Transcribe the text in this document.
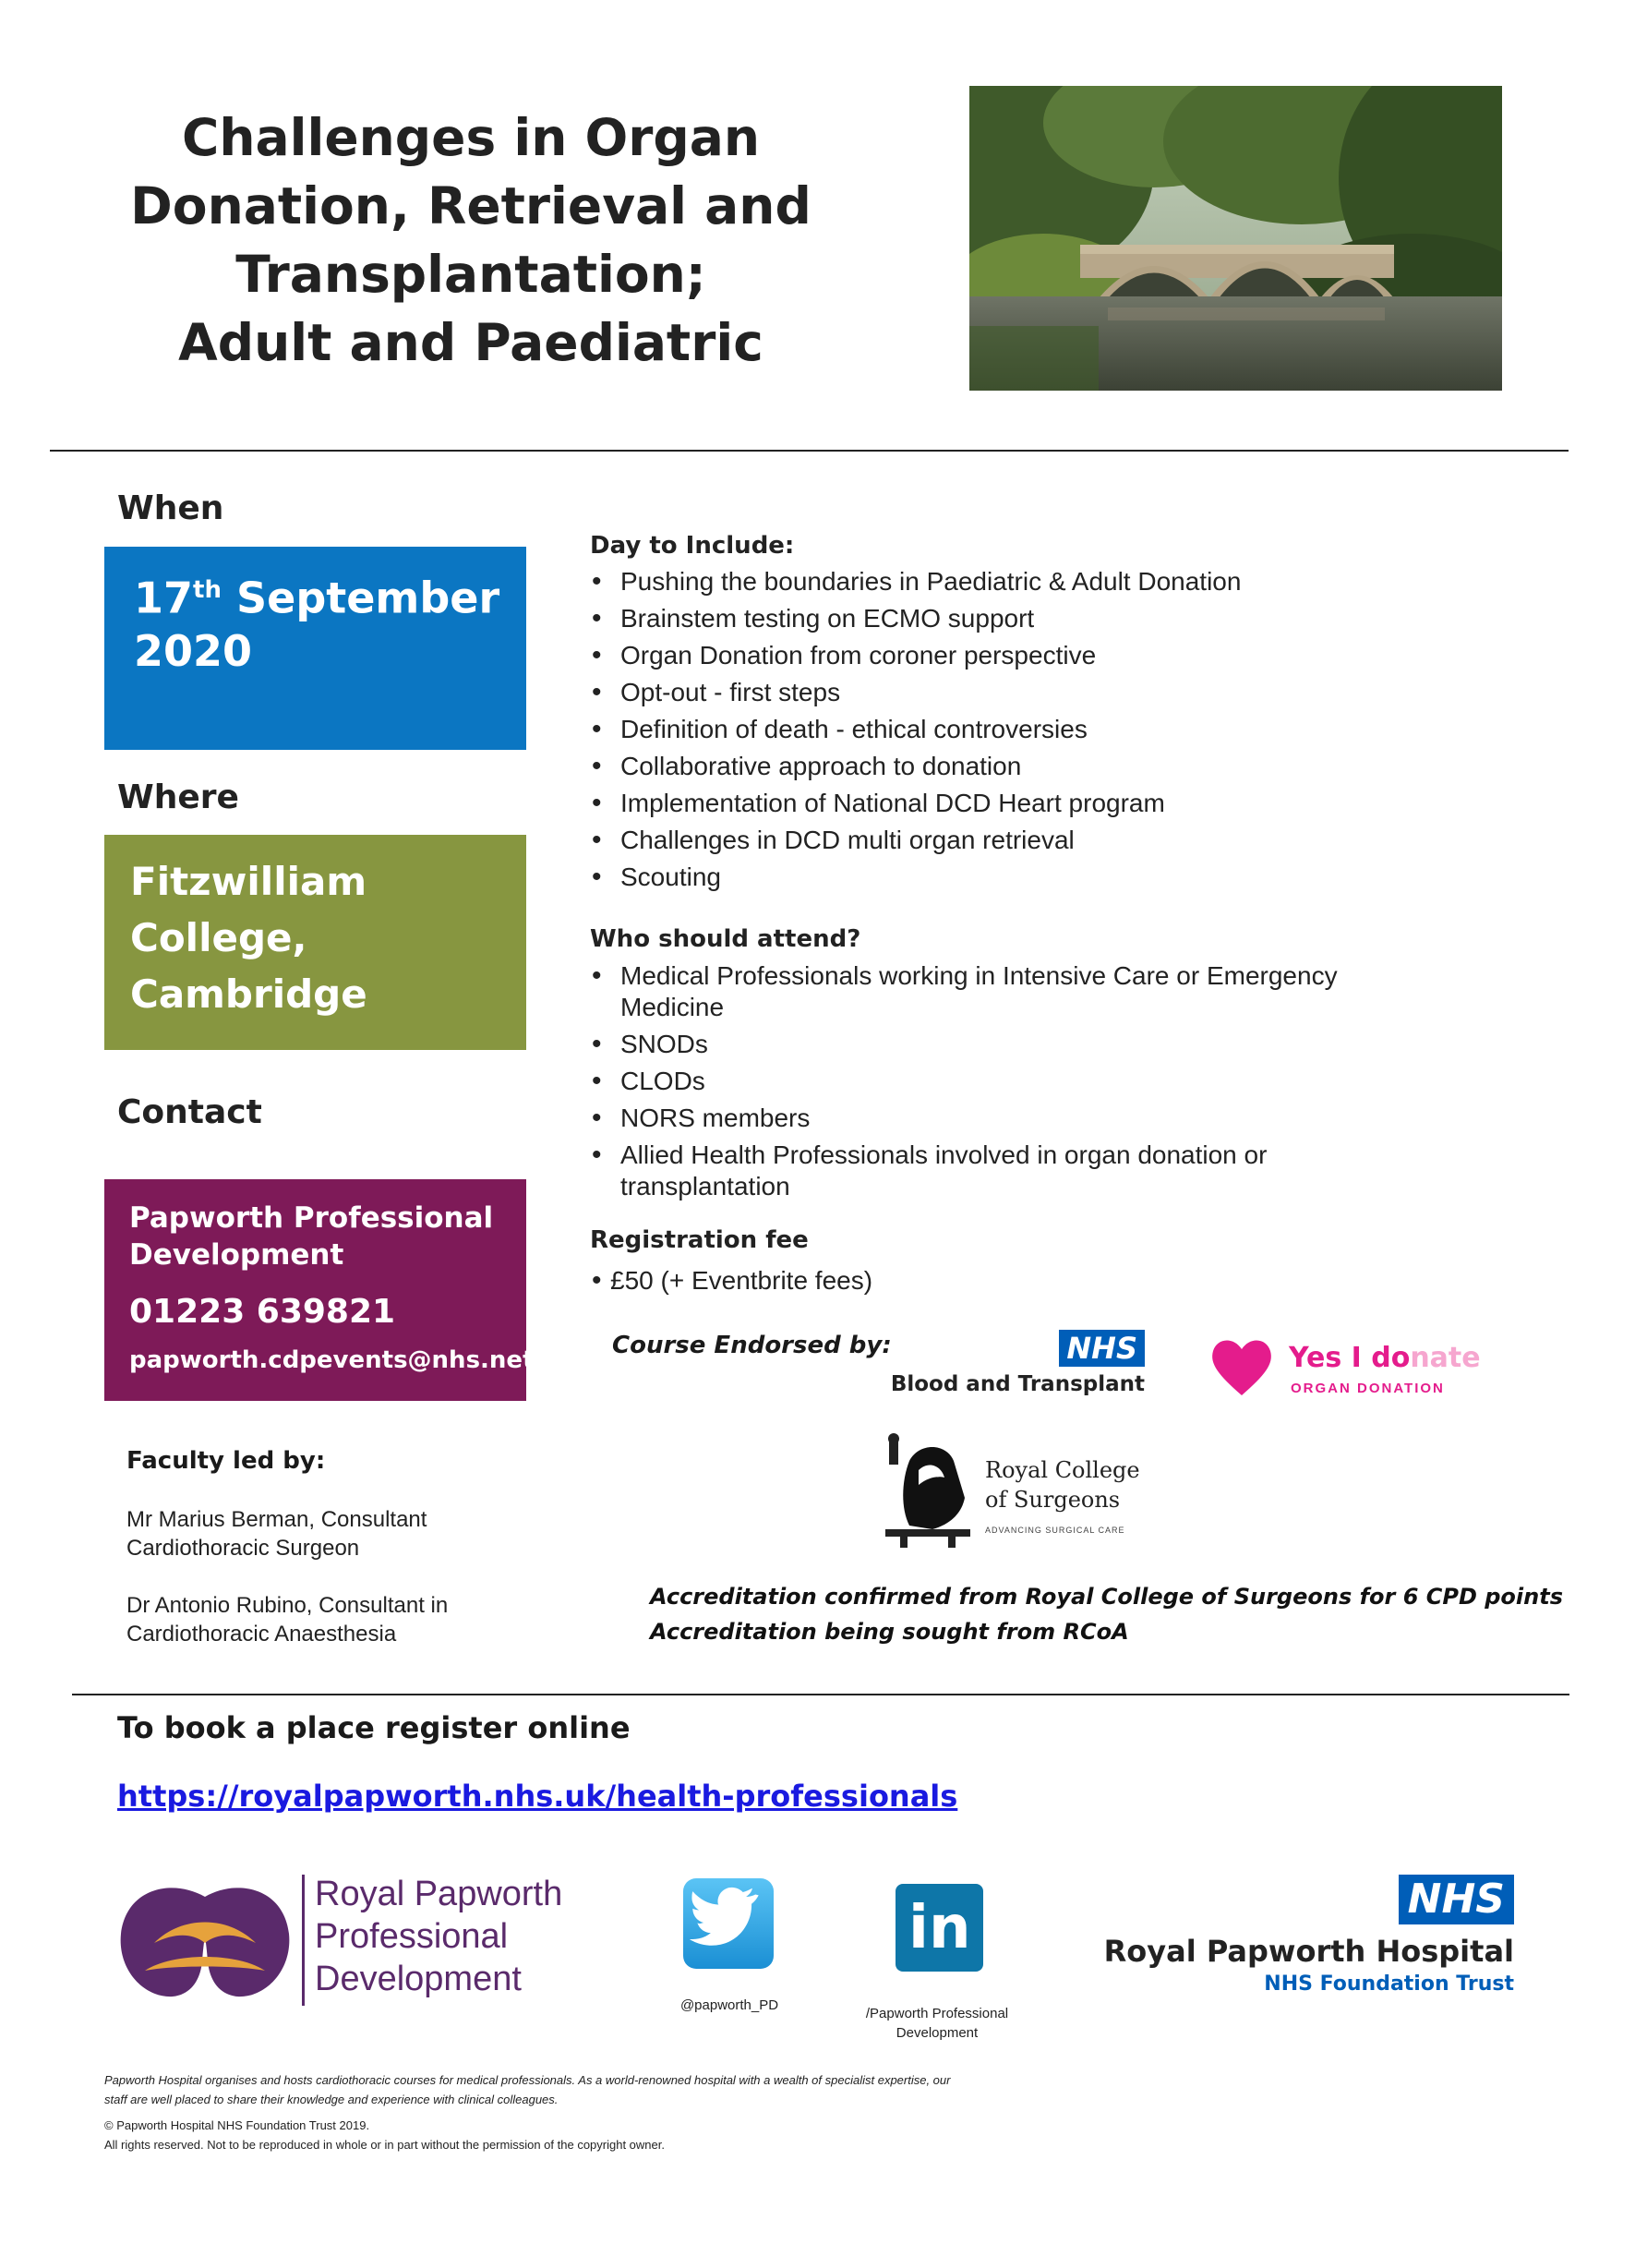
Challenges in Organ
Donation, Retrieval and
Transplantation;
Adult and Paediatric
When
17th September
2020
Where
Fitzwilliam
College,
Cambridge
Contact
Papworth Professional
Development
01223 639821
papworth.cdpevents@nhs.net
Day to Include:
• Pushing the boundaries in Paediatric & Adult Donation
• Brainstem testing on ECMO support
• Organ Donation from coroner perspective
• Opt-out - first steps
• Definition of death - ethical controversies
• Collaborative approach to donation
• Implementation of National DCD Heart program
• Challenges in DCD multi organ retrieval
• Scouting
Who should attend?
• Medical Professionals working in Intensive Care or Emergency Medicine
• SNODs
• CLODs
• NORS members
• Allied Health Professionals involved in organ donation or transplantation
Registration fee
• £50 (+ Eventbrite fees)
Course Endorsed by:	NHS
Blood and Transplant
Yes I donate
ORGAN DONATION
Royal College
of Surgeons
ADVANCING SURGICAL CARE
Faculty led by:
Mr Marius Berman, Consultant
Cardiothoracic Surgeon
Dr Antonio Rubino, Consultant in
Cardiothoracic Anaesthesia
Accreditation confirmed from Royal College of Surgeons for 6 CPD points
Accreditation being sought from RCoA
To book a place register online
https://royalpapworth.nhs.uk/health-professionals
Royal Papworth
Professional
Development
@papworth_PD
in
/Papworth Professional
Development
NHS
Royal Papworth Hospital
NHS Foundation Trust
Papworth Hospital organises and hosts cardiothoracic courses for medical professionals. As a world-renowned hospital with a wealth of specialist expertise, our
staff are well placed to share their knowledge and experience with clinical colleagues.
© Papworth Hospital NHS Foundation Trust 2019.
All rights reserved. Not to be reproduced in whole or in part without the permission of the copyright owner.
